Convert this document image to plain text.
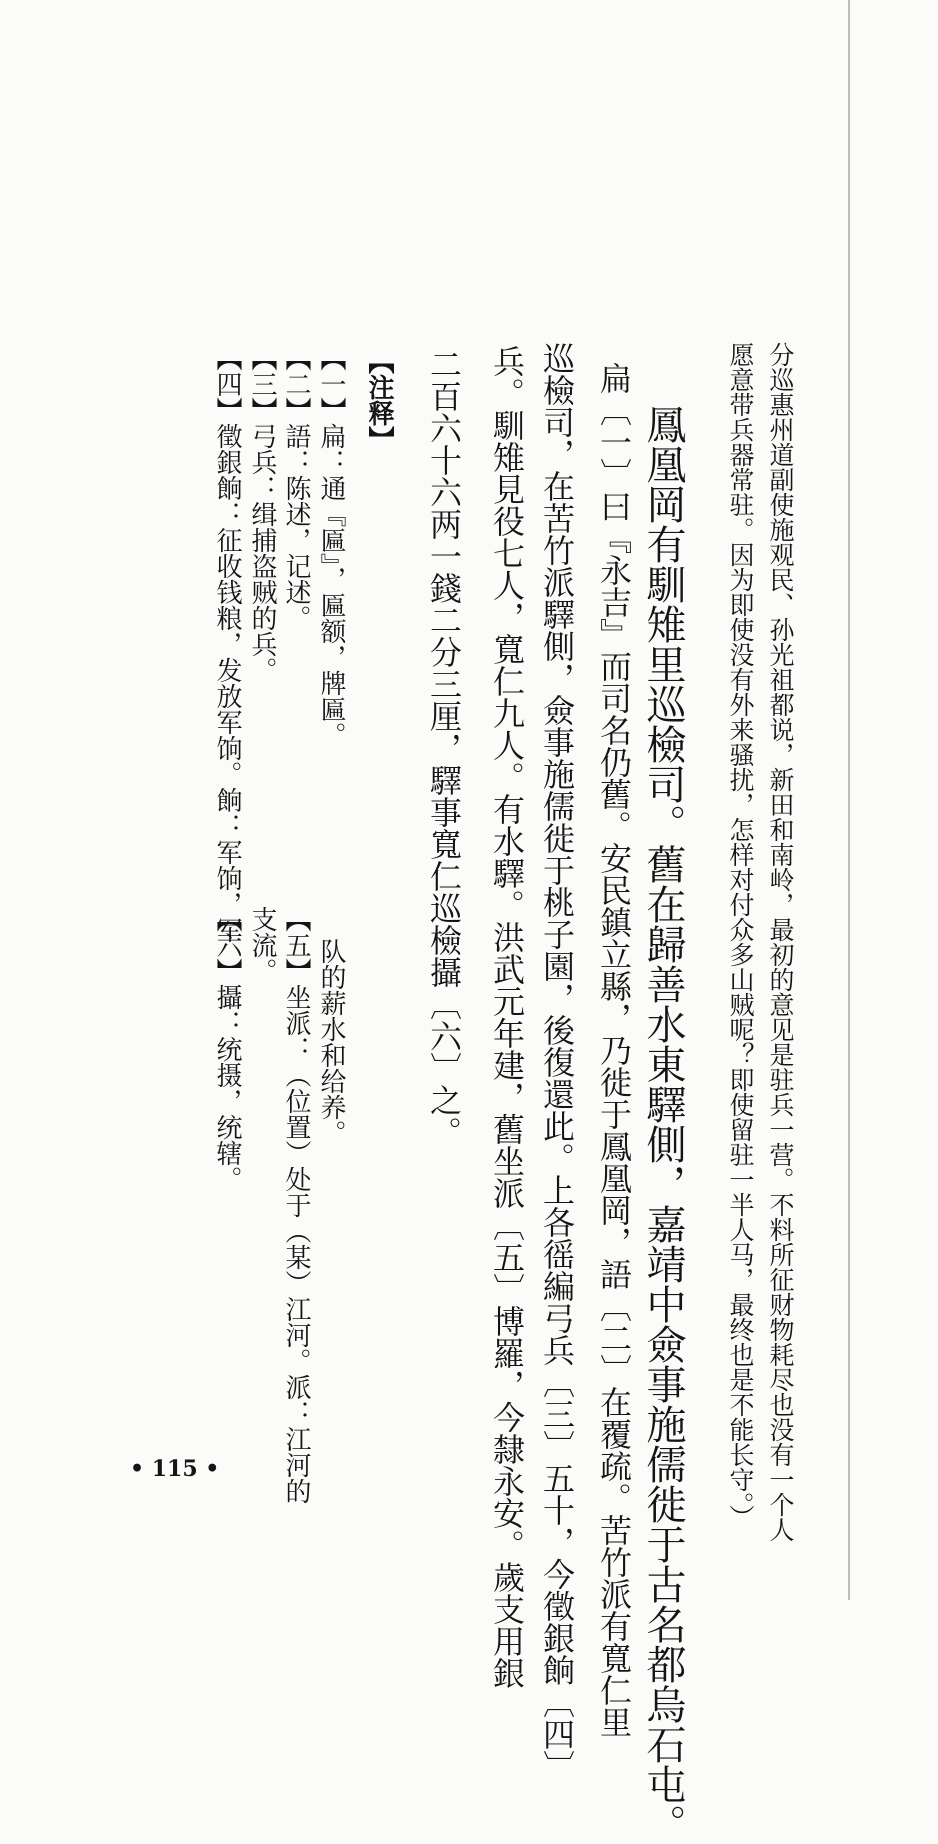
分巡惠州道副使施观民、孙光祖都说，新田和南岭，最初的意见是驻兵一营。不料所征财物耗尽也没有一个人
愿意带兵器常驻。因为即使没有外来骚扰，怎样对付众多山贼呢？即使留驻一半人马，最终也是不能长守。）
鳳凰岡有馴雉里巡檢司。舊在歸善水東驛側，嘉靖中僉事施儒徙于古名都烏石屯。
扁〔一〕曰『永吉』而司名仍舊。安民鎮立縣，乃徙于鳳凰岡，語〔二〕在覆疏。苦竹派有寬仁里
巡檢司，在苦竹派驛側，僉事施儒徙于桃子園，後復還此。上各徭編弓兵〔三〕五十，今徵銀餉〔四〕
兵。馴雉見役七人，寬仁九人。有水驛。洪武元年建，舊坐派〔五〕博羅，今隸永安。歲支用銀
二百六十六两一錢二分三厘，驛事寬仁巡檢攝〔六〕之。
【注释】
【一】扁：通『匾』，匾额，牌匾。
【二】語：陈述，记述。
【三】弓兵：缉捕盗贼的兵。
【四】徵銀餉：征收钱粮，发放军饷。餉：军饷，军
队的薪水和给养。
【五】坐派：（位置）处于（某）江河。派：江河的
支流。
【六】攝：统摄，统辖。
• 115 •
